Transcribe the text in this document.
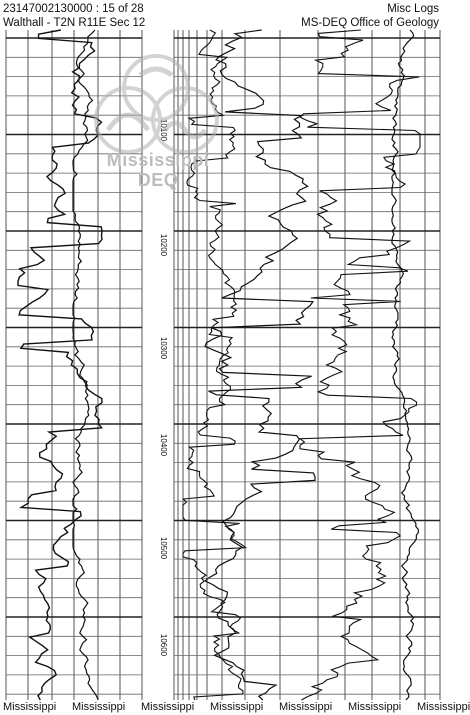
23147002130000 : 15 of 28
Walthall - T2N R11E Sec 12
Misc Logs
MS-DEQ Office of Geology
10100
10200
10300
10400
10500
10600
Mississippi
DEQ
Mississippi Mississippi Mississippi Mississippi Mississippi Mississippi Mississippi
